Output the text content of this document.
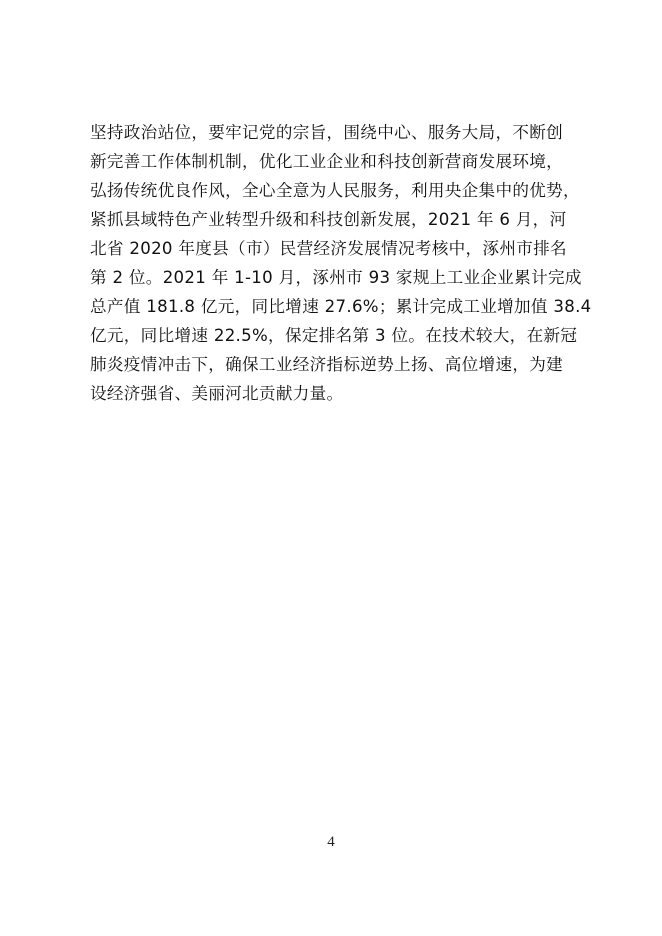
坚持政治站位，要牢记党的宗旨，围绕中心、服务大局，不断创
新完善工作体制机制，优化工业企业和科技创新营商发展环境，
弘扬传统优良作风，全心全意为人民服务，利用央企集中的优势，
紧抓县域特色产业转型升级和科技创新发展，2021 年 6 月，河
北省 2020 年度县（市）民营经济发展情况考核中，涿州市排名
第 2 位。2021 年 1-10 月，涿州市 93 家规上工业企业累计完成
总产值 181.8 亿元，同比增速 27.6%；累计完成工业增加值 38.4
亿元，同比增速 22.5%，保定排名第 3 位。在技术较大，在新冠
肺炎疫情冲击下，确保工业经济指标逆势上扬、高位增速，为建
设经济强省、美丽河北贡献力量。
4
